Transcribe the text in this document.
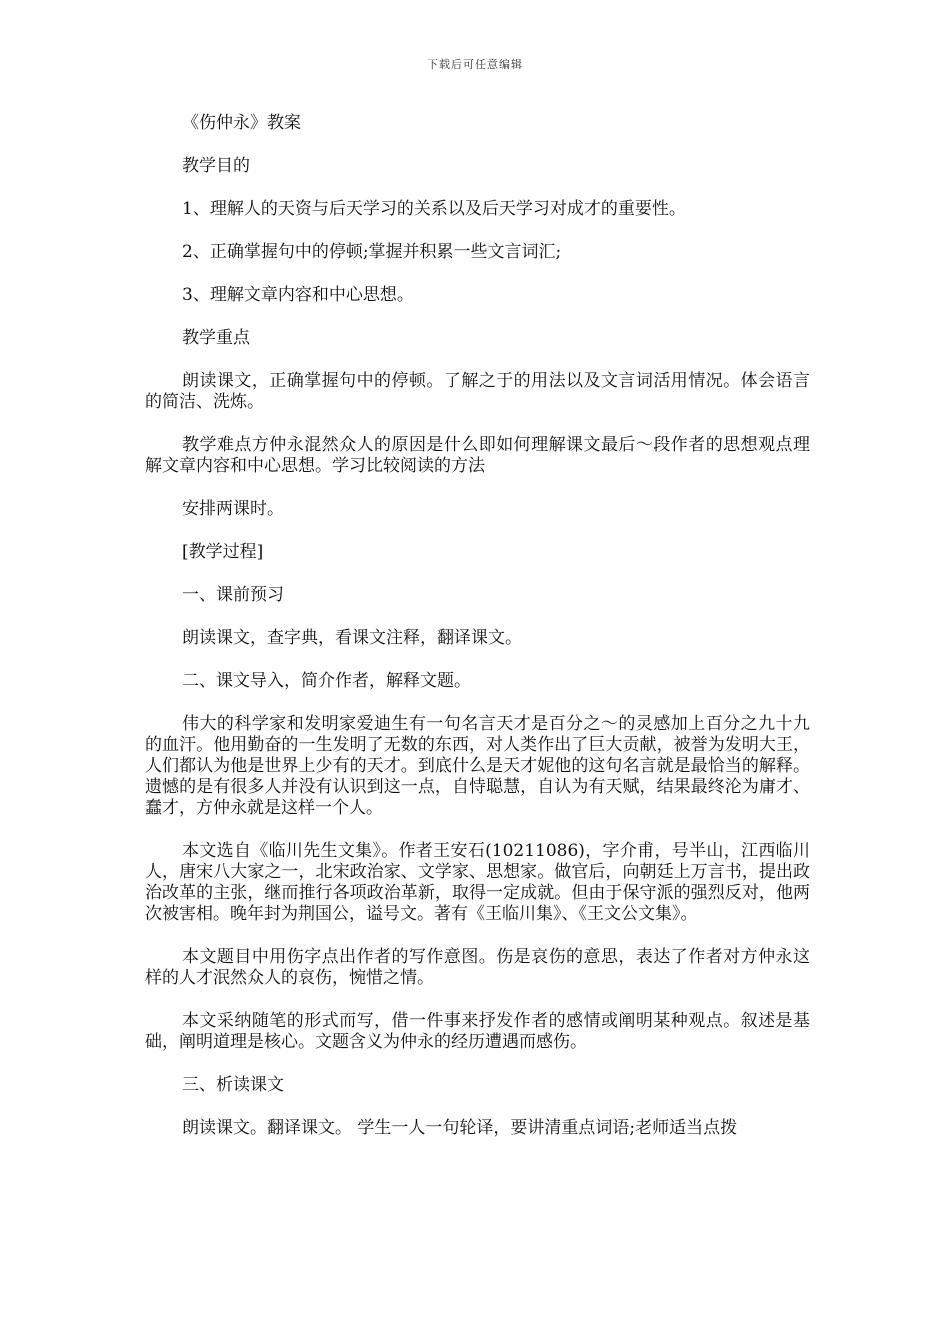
下载后可任意编辑

《伤仲永》教案

教学目的

1、理解人的天资与后天学习的关系以及后天学习对成才的重要性。

2、正确掌握句中的停顿;掌握并积累一些文言词汇;

3、理解文章内容和中心思想。

教学重点

朗读课文，正确掌握句中的停顿。了解之于的用法以及文言词活用情况。体会语言的简洁、洗炼。

教学难点方仲永混然众人的原因是什么即如何理解课文最后～段作者的思想观点理解文章内容和中心思想。学习比较阅读的方法

安排两课时。

[教学过程]

一、课前预习

朗读课文，查字典，看课文注释，翻译课文。

二、课文导入，简介作者，解释文题。

伟大的科学家和发明家爱迪生有一句名言天才是百分之～的灵感加上百分之九十九的血汗。他用勤奋的一生发明了无数的东西，对人类作出了巨大贡献，被誉为发明大王，人们都认为他是世界上少有的天才。到底什么是天才妮他的这句名言就是最恰当的解释。遗憾的是有很多人并没有认识到这一点，自恃聪慧，自认为有天赋，结果最终沦为庸才、蠢才，方仲永就是这样一个人。

本文选自《临川先生文集》。作者王安石(10211086)，字介甫，号半山，江西临川人，唐宋八大家之一，北宋政治家、文学家、思想家。做官后，向朝廷上万言书，提出政治改革的主张，继而推行各项政治革新，取得一定成就。但由于保守派的强烈反对，他两次被害相。晚年封为荆国公，谥号文。著有《王临川集》、《王文公文集》。

本文题目中用伤字点出作者的写作意图。伤是哀伤的意思，表达了作者对方仲永这样的人才泯然众人的哀伤，惋惜之情。

本文采纳随笔的形式而写，借一件事来抒发作者的感情或阐明某种观点。叙述是基础，阐明道理是核心。文题含义为仲永的经历遭遇而感伤。

三、析读课文

朗读课文。翻译课文。 学生一人一句轮译，要讲清重点词语;老师适当点拨
